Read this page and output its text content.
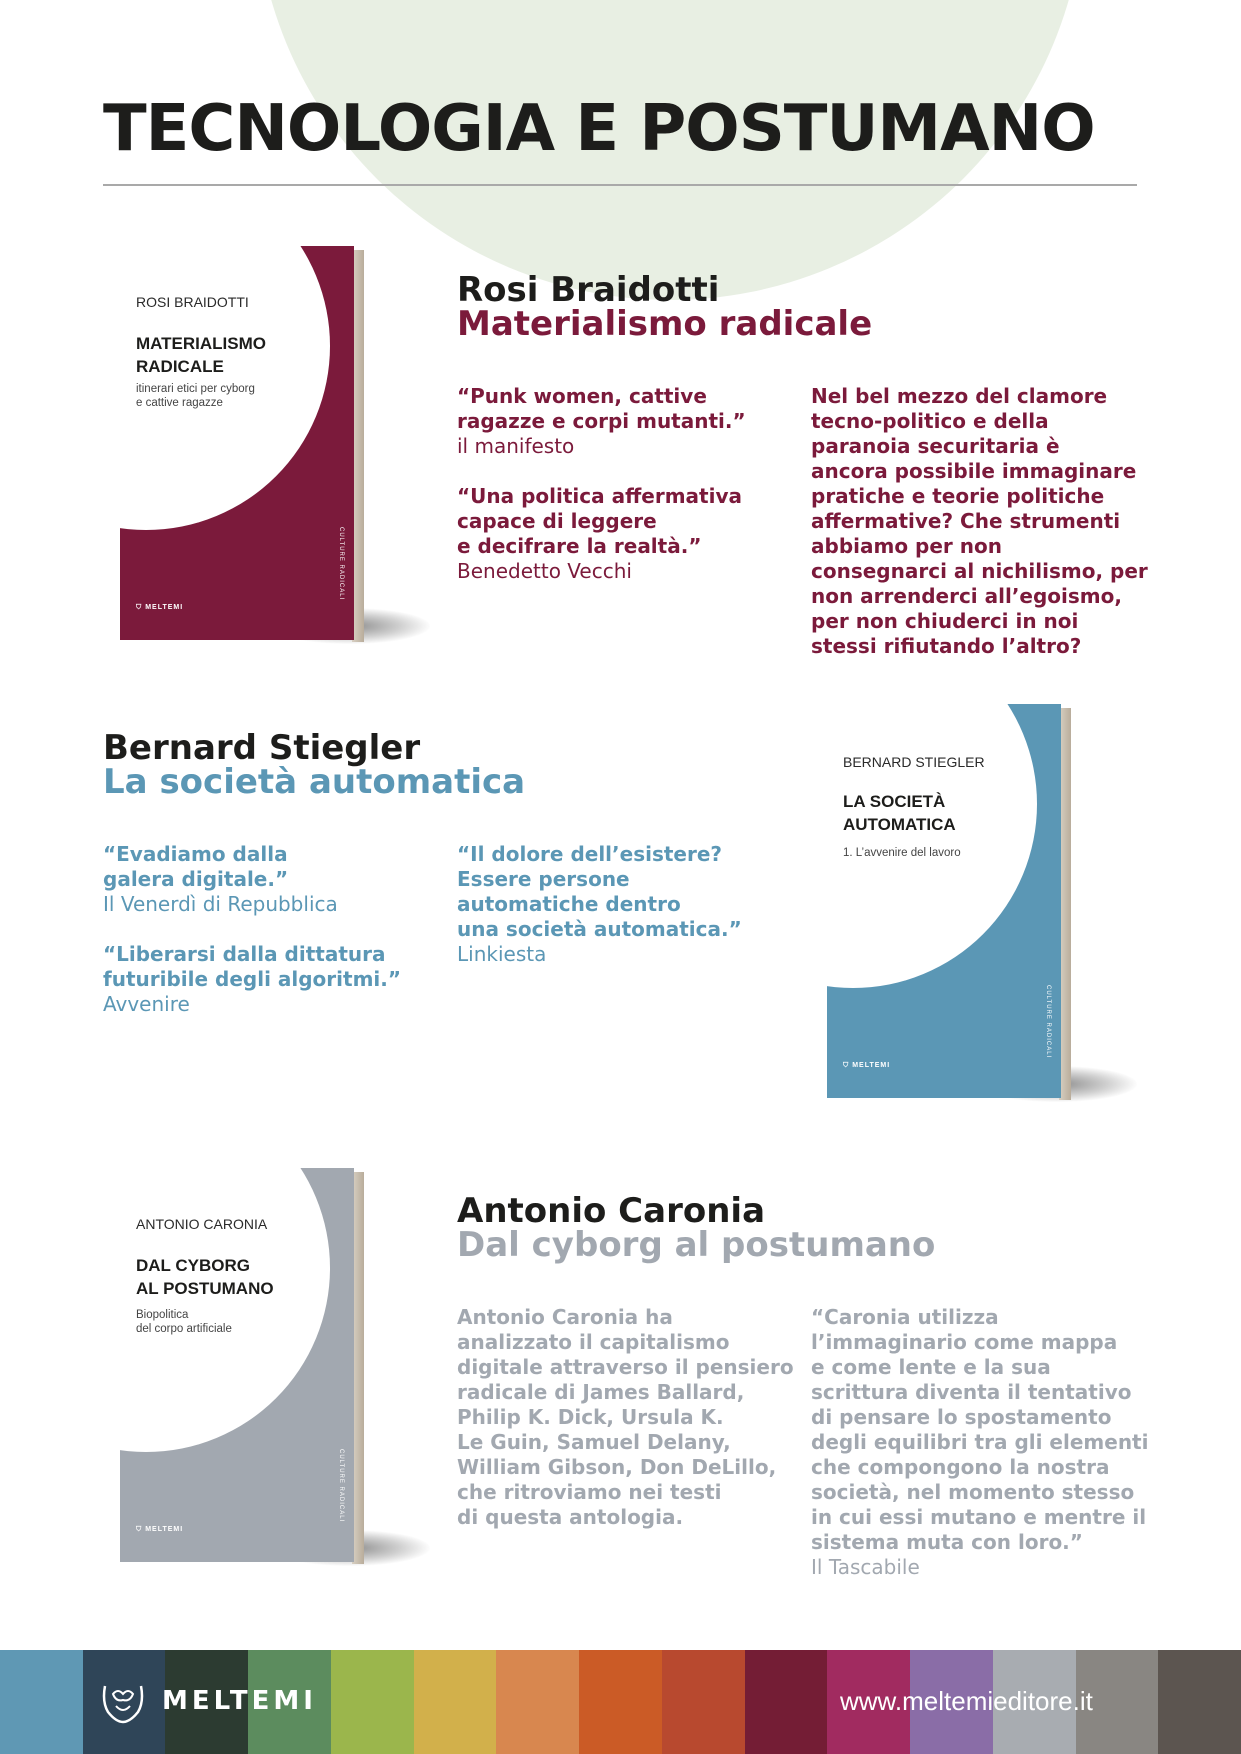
TECNOLOGIA E POSTUMANO
ROSI BRAIDOTTI
MATERIALISMO
RADICALE
itinerari etici per cyborg
e cattive ragazze
⛉ MELTEMI
CULTURE RADICALI
Rosi Braidotti
Materialismo radicale
“Punk women, cattive
ragazze e corpi mutanti.”
il manifesto
“Una politica affermativa
capace di leggere
e decifrare la realtà.”
Benedetto Vecchi
Nel bel mezzo del clamore
tecno-politico e della
paranoia securitaria è
ancora possibile immaginare
pratiche e teorie politiche
affermative? Che strumenti
abbiamo per non
consegnarci al nichilismo, per
non arrenderci all’egoismo,
per non chiuderci in noi
stessi rifiutando l’altro?
Bernard Stiegler
La società automatica
“Evadiamo dalla
galera digitale.”
Il Venerdì di Repubblica
“Liberarsi dalla dittatura
futuribile degli algoritmi.”
Avvenire
“Il dolore dell’esistere?
Essere persone
automatiche dentro
una società automatica.”
Linkiesta
BERNARD STIEGLER
LA SOCIETÀ
AUTOMATICA
1. L’avvenire del lavoro
⛉ MELTEMI
CULTURE RADICALI
ANTONIO CARONIA
DAL CYBORG
AL POSTUMANO
Biopolitica
del corpo artificiale
⛉ MELTEMI
CULTURE RADICALI
Antonio Caronia
Dal cyborg al postumano
Antonio Caronia ha
analizzato il capitalismo
digitale attraverso il pensiero
radicale di James Ballard,
Philip K. Dick, Ursula K.
Le Guin, Samuel Delany,
William Gibson, Don DeLillo,
che ritroviamo nei testi
di questa antologia.
“Caronia utilizza
l’immaginario come mappa
e come lente e la sua
scrittura diventa il tentativo
di pensare lo spostamento
degli equilibri tra gli elementi
che compongono la nostra
società, nel momento stesso
in cui essi mutano e mentre il
sistema muta con loro.”
Il Tascabile
MELTEMI	www.meltemieditore.it
